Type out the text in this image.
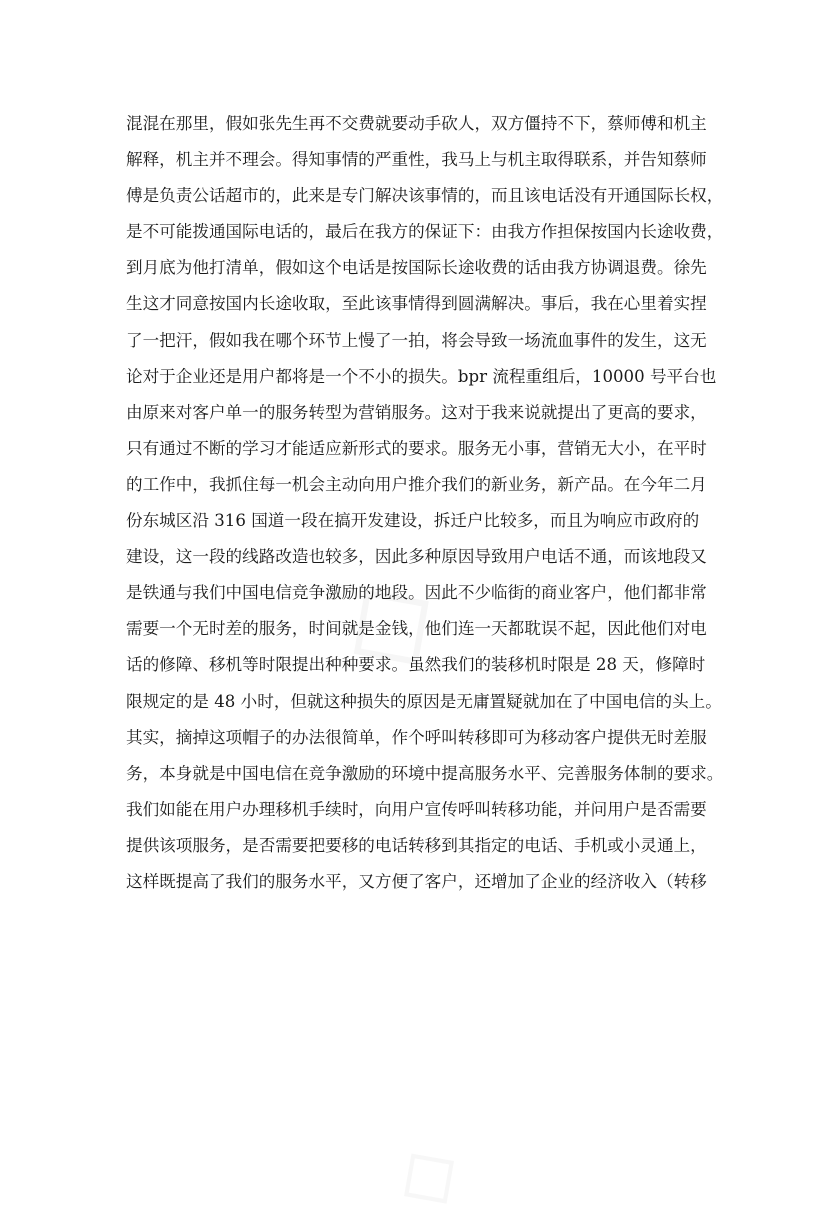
混混在那里，假如张先生再不交费就要动手砍人，双方僵持不下，蔡师傅和机主
解释，机主并不理会。得知事情的严重性，我马上与机主取得联系，并告知蔡师
傅是负责公话超市的，此来是专门解决该事情的，而且该电话没有开通国际长权，
是不可能拨通国际电话的，最后在我方的保证下：由我方作担保按国内长途收费，
到月底为他打清单，假如这个电话是按国际长途收费的话由我方协调退费。徐先
生这才同意按国内长途收取，至此该事情得到圆满解决。事后，我在心里着实捏
了一把汗，假如我在哪个环节上慢了一拍，将会导致一场流血事件的发生，这无
论对于企业还是用户都将是一个不小的损失。bpr 流程重组后，10000 号平台也
由原来对客户单一的服务转型为营销服务。这对于我来说就提出了更高的要求，
只有通过不断的学习才能适应新形式的要求。服务无小事，营销无大小，在平时
的工作中，我抓住每一机会主动向用户推介我们的新业务，新产品。在今年二月
份东城区沿 316 国道一段在搞开发建设，拆迁户比较多，而且为响应市政府的
建设，这一段的线路改造也较多，因此多种原因导致用户电话不通，而该地段又
是铁通与我们中国电信竞争激励的地段。因此不少临街的商业客户，他们都非常
需要一个无时差的服务，时间就是金钱，他们连一天都耽误不起，因此他们对电
话的修障、移机等时限提出种种要求。虽然我们的装移机时限是 28 天，修障时
限规定的是 48 小时，但就这种损失的原因是无庸置疑就加在了中国电信的头上。
其实，摘掉这项帽子的办法很简单，作个呼叫转移即可为移动客户提供无时差服
务，本身就是中国电信在竞争激励的环境中提高服务水平、完善服务体制的要求。
我们如能在用户办理移机手续时，向用户宣传呼叫转移功能，并问用户是否需要
提供该项服务，是否需要把要移的电话转移到其指定的电话、手机或小灵通上，
这样既提高了我们的服务水平，又方便了客户，还增加了企业的经济收入（转移
